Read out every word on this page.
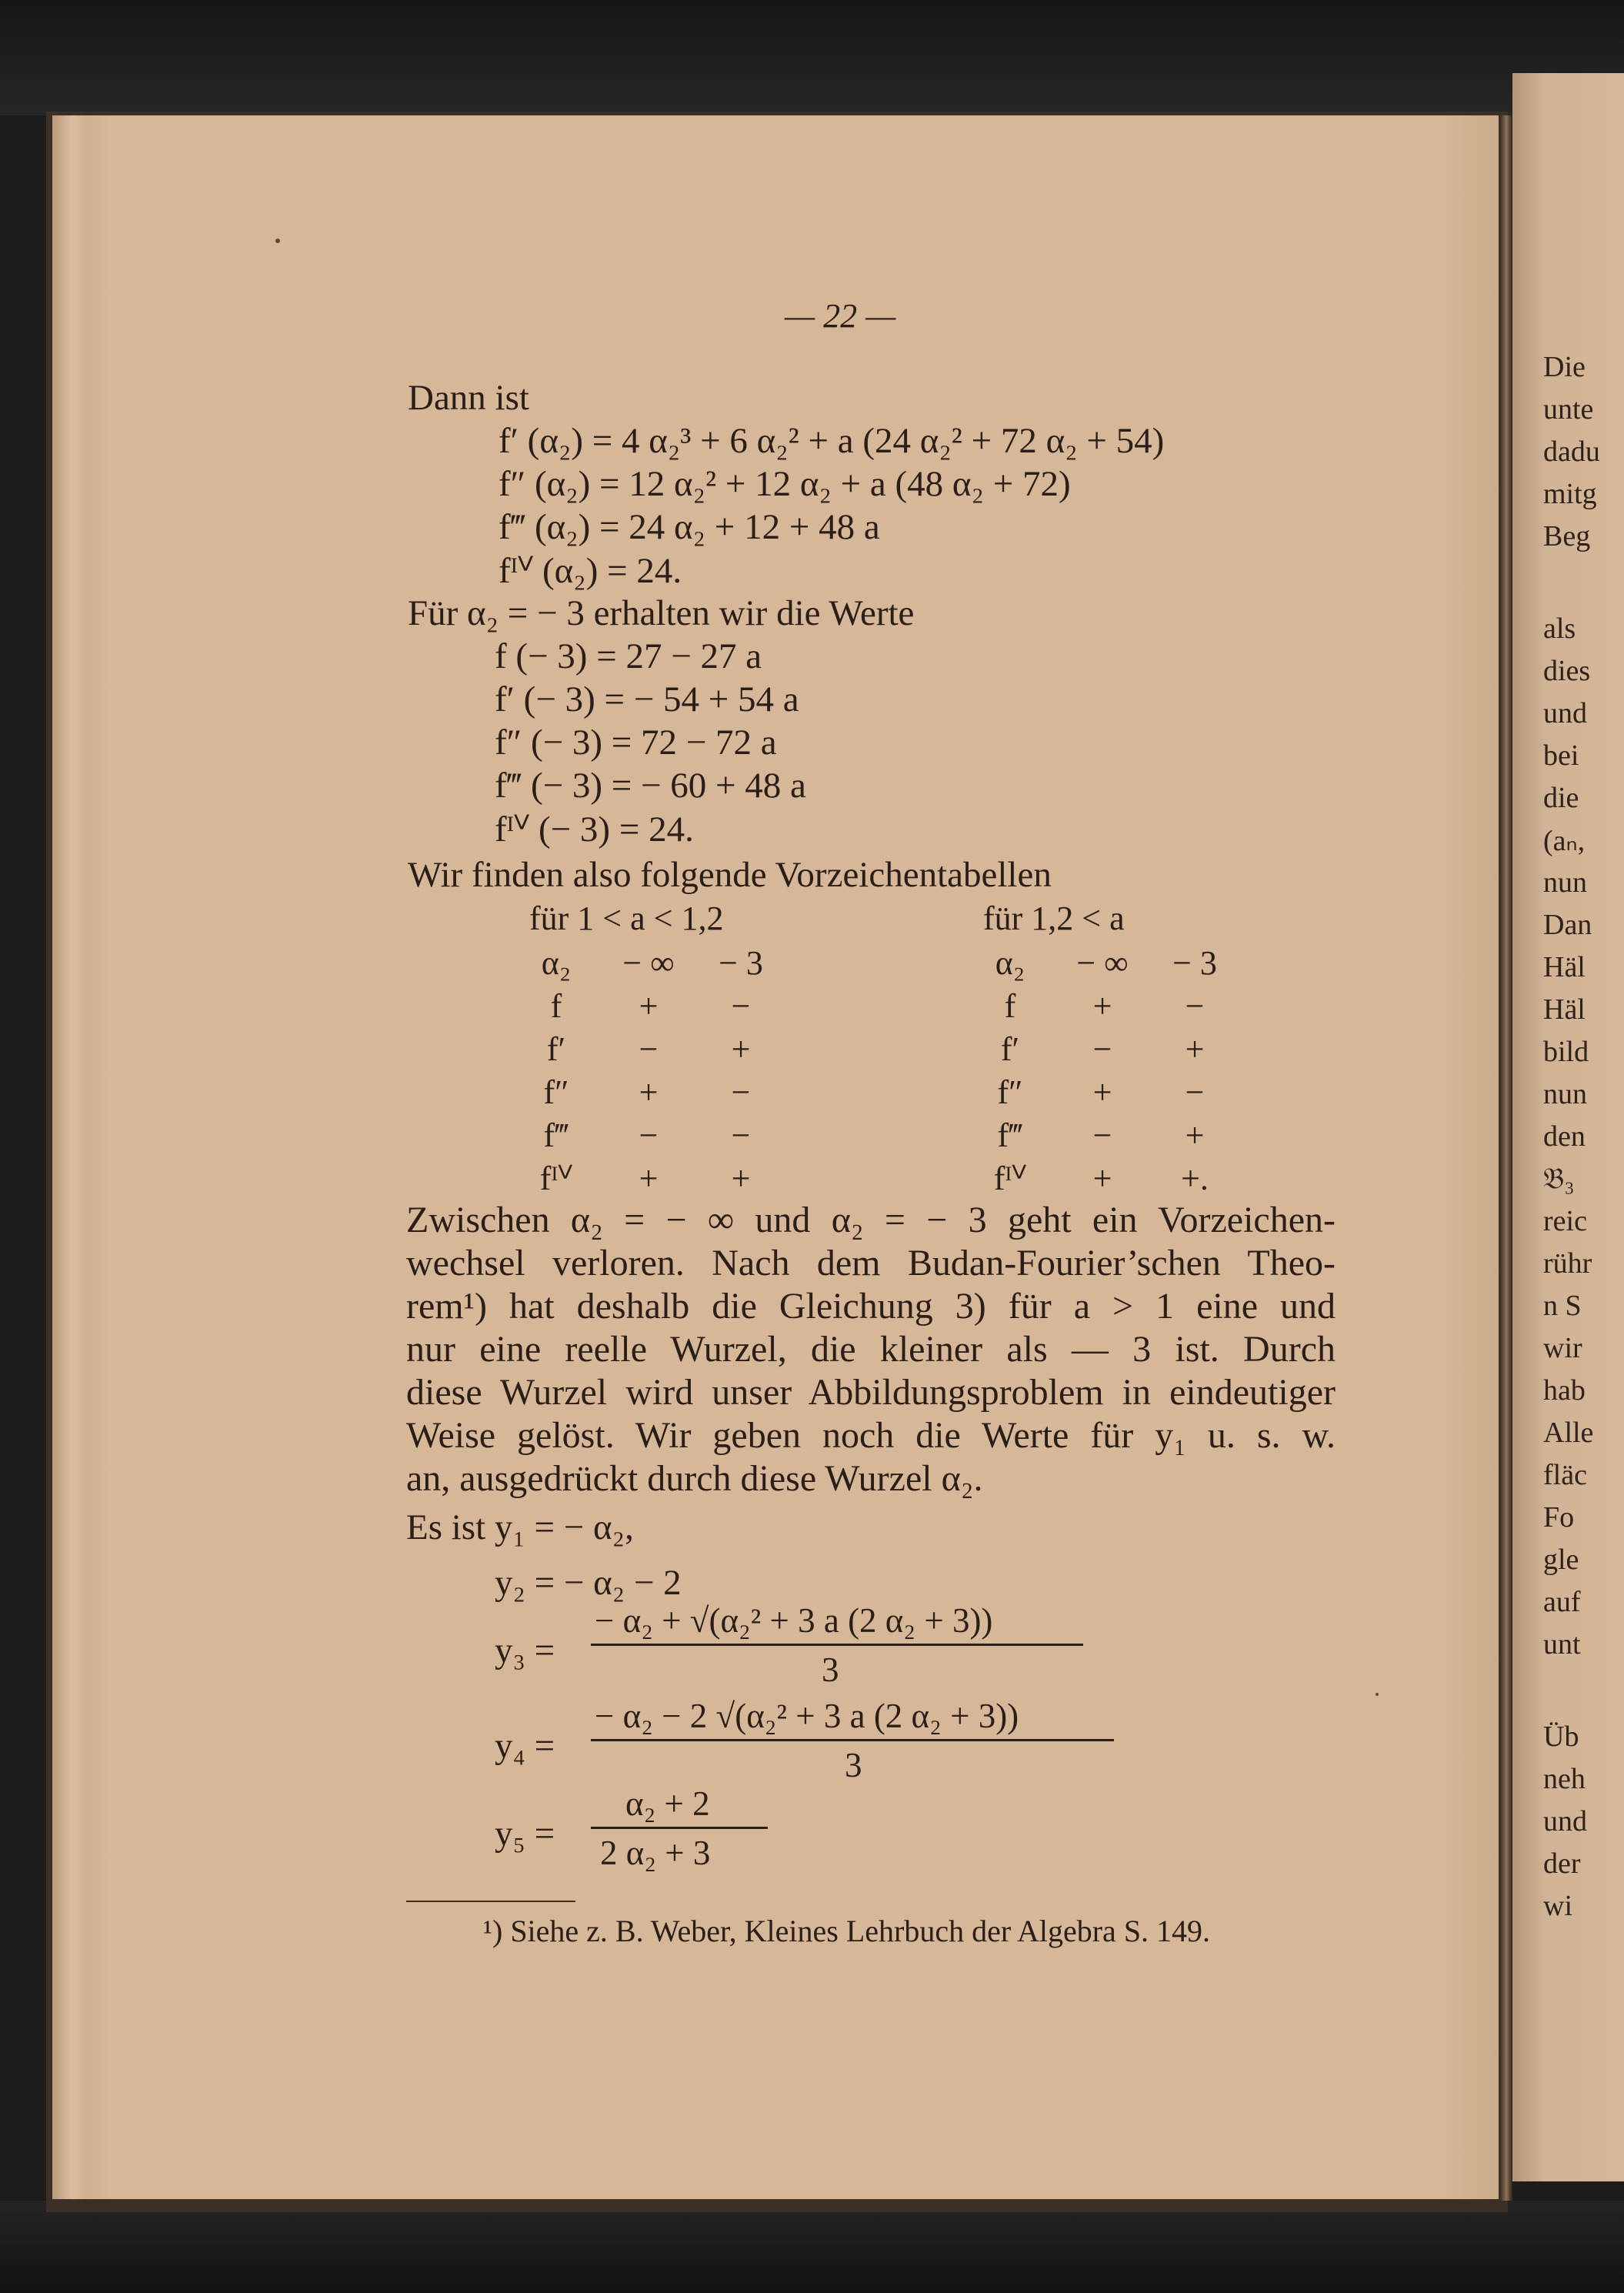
— 22 —
Dann ist
f′ (α₂) = 4 α₂³ + 6 α₂² + a (24 α₂² + 72 α₂ + 54)
f″ (α₂) = 12 α₂² + 12 α₂ + a (48 α₂ + 72)
f‴ (α₂) = 24 α₂ + 12 + 48 a
fᴵⱽ (α₂) = 24.
Für α₂ = − 3 erhalten wir die Werte
f (− 3) = 27 − 27 a
f′ (− 3) = − 54 + 54 a
f″ (− 3) = 72 − 72 a
f‴ (− 3) = − 60 + 48 a
fᴵⱽ (− 3) = 24.
Wir finden also folgende Vorzeichentabellen
für 1 < a < 1,2
α₂	− ∞	− 3
f	+	−
f′	−	+
f″	+	−
f‴	−	−
fᴵⱽ	+	+
für 1,2 < a
α₂	− ∞	− 3
f	+	−
f′	−	+
f″	+	−
f‴	−	+
fᴵⱽ	+	+.
Zwischen α₂ = − ∞ und α₂ = − 3 geht ein Vorzeichen-
wechsel verloren. Nach dem Budan-Fourier’schen Theo-
rem¹) hat deshalb die Gleichung 3) für a > 1 eine und
nur eine reelle Wurzel, die kleiner als — 3 ist. Durch
diese Wurzel wird unser Abbildungsproblem in eindeutiger
Weise gelöst. Wir geben noch die Werte für y₁ u. s. w.
an, ausgedrückt durch diese Wurzel α₂.
Es ist y₁ = − α₂,
y₂ = − α₂ − 2
y₃ =
− α₂ + √(α₂² + 3 a (2 α₂ + 3))
3
y₄ =
− α₂ − 2 √(α₂² + 3 a (2 α₂ + 3))
3
y₅ =
α₂ + 2
2 α₂ + 3
¹) Siehe z. B. Weber, Kleines Lehrbuch der Algebra S. 149.
Die
unte
dadu
mitg
Beg
als
dies
und
bei
die
(aₙ,
nun
Dan
Häl
Häl
bild
nun
den
𝔅₃
reic
rühr
n S
wir
hab
Alle
fläc
Fo
gle
auf
unt
Üb
neh
und
der
wi
